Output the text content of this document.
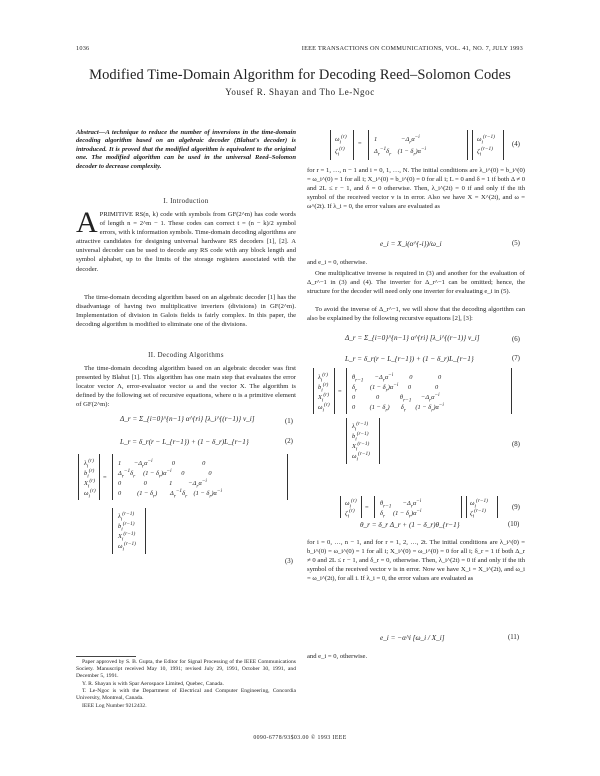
1036	IEEE TRANSACTIONS ON COMMUNICATIONS, VOL. 41, NO. 7, JULY 1993
Modified Time-Domain Algorithm for Decoding Reed–Solomon Codes
Yousef R. Shayan and Tho Le-Ngoc
Abstract—A technique to reduce the number of inversions in the time-domain decoding algorithm based on an algebraic decoder (Blahut's decoder) is introduced. It is proved that the modified algorithm is equivalent to the original one. The modified algorithm can be used in the universal Reed–Solomon decoder to decrease complexity.
I. Introduction
APRIMITIVE RS(n, k) code with symbols from GF(2^m) has code words of length n = 2^m − 1. These codes can correct t = (n − k)/2 symbol errors, with k information symbols. Time-domain decoding algorithms are attractive candidates for designing universal hardware RS decoders [1], [2]. A universal decoder can be used to decode any RS code with any block length and symbol alphabet, up to the limits of the storage registers associated with the decoder.
The time-domain decoding algorithm based on an algebraic decoder [1] has the disadvantage of having two multiplicative inverters (divisions) in GF(2^m). Implementation of division in Galois fields is fairly complex. In this paper, the decoding algorithm is modified to eliminate one of the divisions.
II. Decoding Algorithms
The time-domain decoding algorithm based on an algebraic decoder was first presented by Blahut [1]. This algorithm has one main step that evaluates the error locator vector Λ, error-evaluator vector ω and the vector X. The algorithm is defined by the following set of recursive equations, where α is a primitive element of GF(2^m):
Δ_r = Σ_{i=0}^{n−1} α^{ri} [λ_i^{(r−1)} v_i]	(1)
L_r = δ_r(r − L_{r−1}) + (1 − δ_r)L_{r−1}	(2)
$\lambda_i^{(r)}$
$b_i^{(r)}$
$X_i^{(r)}$
$\omega_i^{(r)}$
=
1        $-\Delta_r\alpha^{-i}$            0                 0
$\Delta_r^{-1}\delta_r$     $(1 - \delta_r)\alpha^{-i}$      0               0
0              0              1          $-\Delta_r\alpha^{-i}$
0          $(1 - \delta_r)$        $\Delta_r^{-1}\delta_r$    $(1 - \delta_r)\alpha^{-i}$
$\lambda_i^{(r-1)}$
$b_i^{(r-1)}$
$X_i^{(r-1)}$
$\omega_i^{(r-1)}$
(3)
Paper approved by S. B. Gupta, the Editor for Signal Processing of the IEEE Communications Society. Manuscript received May 10, 1991; revised July 29, 1991, October 30, 1991, and December 5, 1991.
Y. R. Shayan is with Spar Aerospace Limited, Quebec, Canada.
T. Le-Ngoc is with the Department of Electrical and Computer Engineering, Concordia University, Montreal, Canada.
IEEE Log Number 9212432.
$\omega_i^{(r)}$
$\zeta_i^{(r)}$
=
1               $-\Delta_r\alpha^{-i}$
$\Delta_r^{-1}\delta_r$    $(1 - \delta_r)\alpha^{-i}$
$\omega_i^{(r-1)}$
$\zeta_i^{(r-1)}$
(4)
for r = 1, …, n − 1 and i = 0, 1, …, N. The initial conditions are λ_i^(0) = b_i^(0) = ω_i^(0) = 1 for all i; X_i^(0) = b_i^(0) = 0 for all i; L = 0 and δ = 1 if both Δ ≠ 0 and 2L ≤ r − 1, and δ = 0 otherwise. Then, λ_i^(2t) = 0 if and only if the ith symbol of the received vector v is in error. Also we have X = X^(2t), and ω = ω^(2t). If λ_i = 0, the error values are evaluated as
e_i = X_i(α^{-i})/ω_i	(5)
and e_i = 0, otherwise.
One multiplicative inverse is required in (3) and another for the evaluation of Δ_r^−1 in (3) and (4). The inverter for Δ_r^−1 can be omitted; hence, the structure for the decoder will need only one inverter for evaluating e_i in (5).
To avoid the inverse of Δ_r^−1, we will show that the decoding algorithm can also be explained by the following recursive equations [2], [3]:
Δ_r = Σ_{i=0}^{n−1} α^{ri} [λ_i^{(r−1)} v_i]	(6)
L_r = δ_r(r − L_{r−1}) + (1 − δ_r)L_{r−1}	(7)
$\lambda_i^{(r)}$
$b_i^{(r)}$
$X_i^{(r)}$
$\omega_i^{(r)}$
=
$\theta_{r-1}$       $-\Delta_r\alpha^{-i}$          0                0
$\delta_r$        $(1 - \delta_r)\alpha^{-i}$      0               0
0             0             $\theta_{r-1}$      $-\Delta_r\alpha^{-i}$
0         $(1 - \delta_r)$       $\delta_r$      $(1 - \delta_r)\alpha^{-i}$
$\lambda_i^{(r-1)}$
$b_i^{(r-1)}$
$X_i^{(r-1)}$
$\omega_i^{(r-1)}$
(8)
$\omega_i^{(r)}$
$\zeta_i^{(r)}$ =
$\theta_{r-1}$       $-\Delta_r\alpha^{-i}$
$\delta_r$     $(1 - \delta_r)\alpha^{-i}$
$\omega_i^{(r-1)}$
$\zeta_i^{(r-1)}$	(9)
θ_r = δ_r Δ_r + (1 − δ_r)θ_{r−1}	(10)
for i = 0, …, n − 1, and for r = 1, 2, …, 2t. The initial conditions are λ_i^(0) = b_i^(0) = ω_i^(0) = 1 for all i; X_i^(0) = ω_i^(0) = 0 for all i; δ_r = 1 if both Δ_r ≠ 0 and 2L ≤ r − 1, and δ_r = 0, otherwise. Then, λ_i^(2t) = 0 if and only if the ith symbol of the received vector v is in error. Now we have X_i = X_i^(2t), and ω_i = ω_i^(2t), for all i. If λ_i = 0, the error values are evaluated as
e_i = −α^i [ω_i / X_i]	(11)
and e_i = 0, otherwise.
0090-6778/93$03.00 © 1993 IEEE
